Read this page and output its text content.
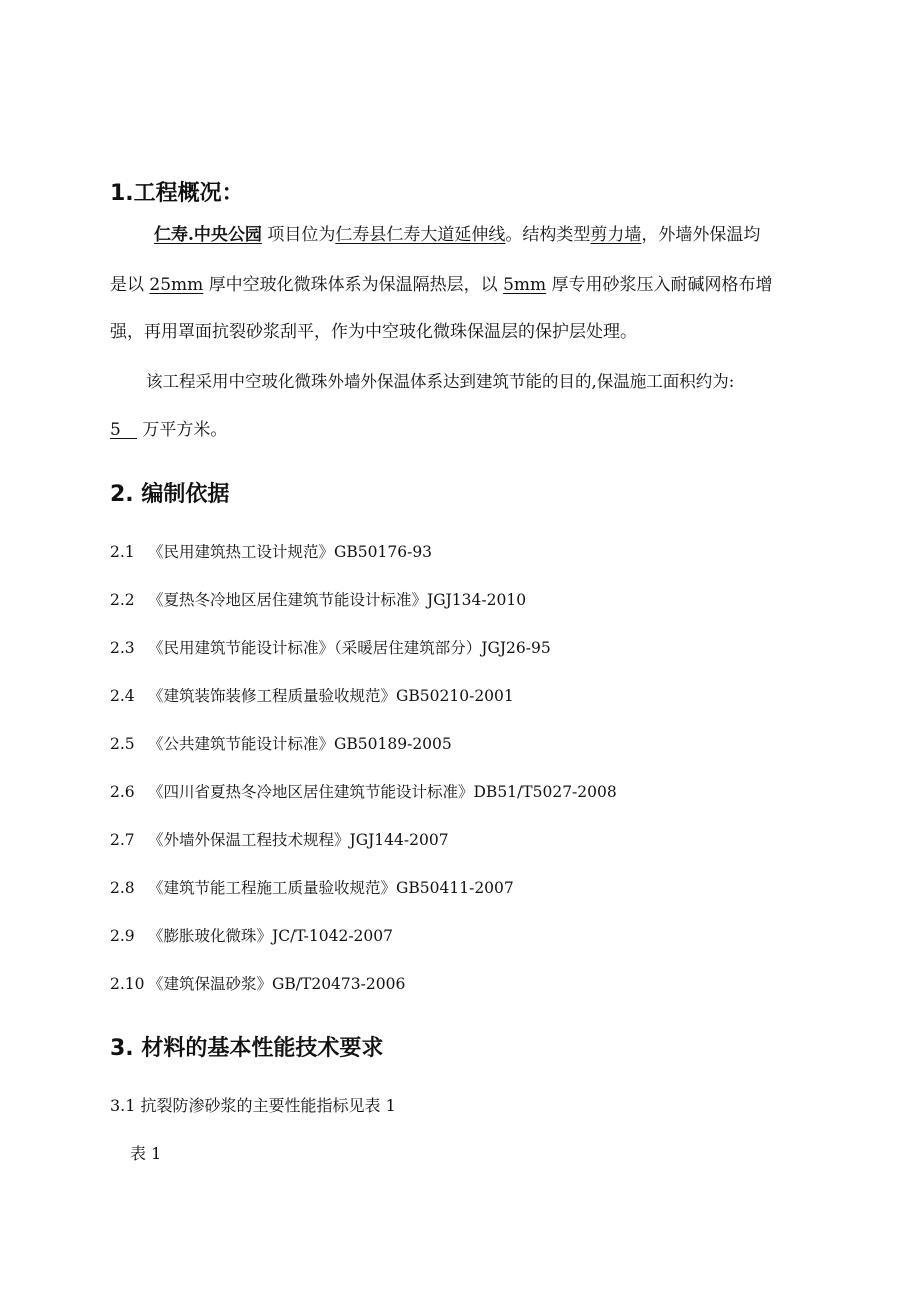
1.工程概况：
仁寿.中央公园 项目位为仁寿县仁寿大道延伸线。结构类型剪力墙，外墙外保温均
是以 25mm 厚中空玻化微珠体系为保温隔热层，以 5mm 厚专用砂浆压入耐碱网格布增
强，再用罩面抗裂砂浆刮平，作为中空玻化微珠保温层的保护层处理。
该工程采用中空玻化微珠外墙外保温体系达到建筑节能的目的,保温施工面积约为:
5    万平方米。
2. 编制依据
2.1 《民用建筑热工设计规范》GB50176-93
2.2 《夏热冬冷地区居住建筑节能设计标准》JGJ134-2010
2.3 《民用建筑节能设计标准》（采暖居住建筑部分）JGJ26-95
2.4 《建筑装饰装修工程质量验收规范》GB50210-2001
2.5 《公共建筑节能设计标准》GB50189-2005
2.6 《四川省夏热冬冷地区居住建筑节能设计标准》DB51/T5027-2008
2.7 《外墙外保温工程技术规程》JGJ144-2007
2.8 《建筑节能工程施工质量验收规范》GB50411-2007
2.9 《膨胀玻化微珠》JC/T-1042-2007
2.10 《建筑保温砂浆》GB/T20473-2006
3. 材料的基本性能技术要求
3.1 抗裂防渗砂浆的主要性能指标见表 1
表 1
